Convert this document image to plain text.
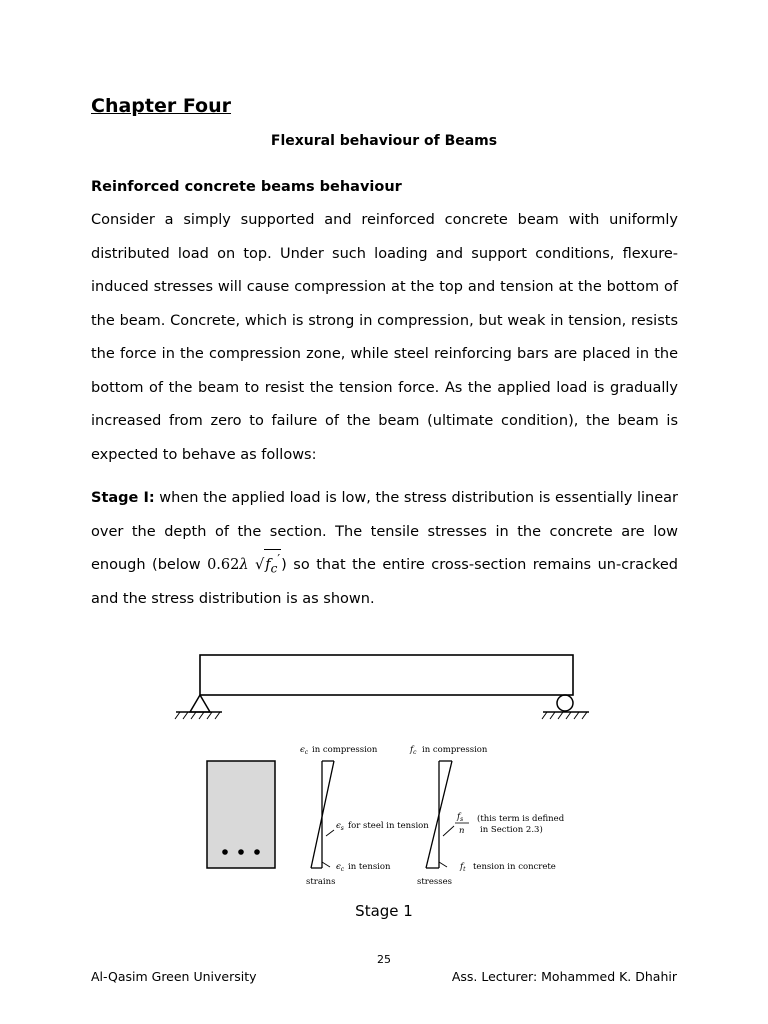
Chapter Four
Flexural behaviour of Beams
Reinforced concrete beams behaviour

Consider a simply supported and reinforced concrete beam with uniformly distributed load on top. Under such loading and support conditions, flexure-induced stresses will cause compression at the top and tension at the bottom of the beam. Concrete, which is strong in compression, but weak in tension, resists the force in the compression zone, while steel reinforcing bars are placed in the bottom of the beam to resist the tension force. As the applied load is gradually increased from zero to failure of the beam (ultimate condition), the beam is expected to behave as follows:

Stage I: when the applied load is low, the stress distribution is essentially linear over the depth of the section. The tensile stresses in the concrete are low enough (below 0.62λ $√f_c'$) so that the entire cross-section remains un-cracked and the stress distribution is as shown.

$\epsilon_c$ in compression
$\epsilon_s$ for steel in tension
$\epsilon_c$ in tension
strains
$f_c$ in compression
$f_s$
n
(this term is defined
in Section 2.3)
$f_t$ tension in concrete
stresses

Stage 1

25

Al-Qasim Green University	Ass. Lecturer: Mohammed K. Dhahir
